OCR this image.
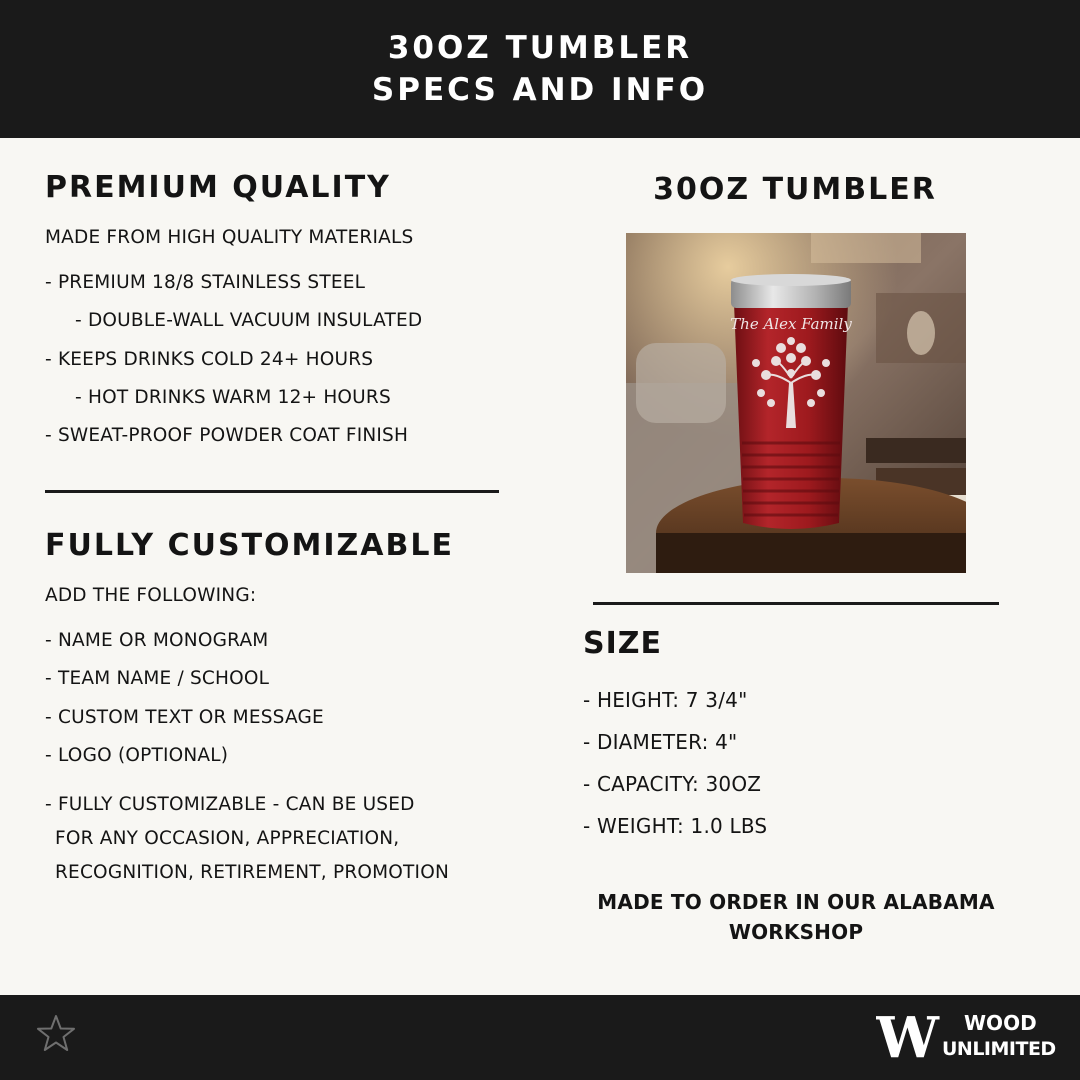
30OZ TUMBLER
SPECS AND INFO
PREMIUM QUALITY
MADE FROM HIGH QUALITY MATERIALS
- PREMIUM 18/8 STAINLESS STEEL
- DOUBLE-WALL VACUUM INSULATED
- KEEPS DRINKS COLD 24+ HOURS
- HOT DRINKS WARM 12+ HOURS
- SWEAT-PROOF POWDER COAT FINISH
FULLY CUSTOMIZABLE
ADD THE FOLLOWING:
- NAME OR MONOGRAM
- TEAM NAME / SCHOOL
- CUSTOM TEXT OR MESSAGE
- LOGO (OPTIONAL)
- FULLY CUSTOMIZABLE - CAN BE USED
FOR ANY OCCASION, APPRECIATION,
RECOGNITION, RETIREMENT, PROMOTION
30OZ TUMBLER
The Alex Family
SIZE
- HEIGHT: 7 3/4"
- DIAMETER: 4"
- CAPACITY: 30OZ
- WEIGHT: 1.0 LBS
MADE TO ORDER IN OUR ALABAMA
WORKSHOP
W WOOD
UNLIMITED
